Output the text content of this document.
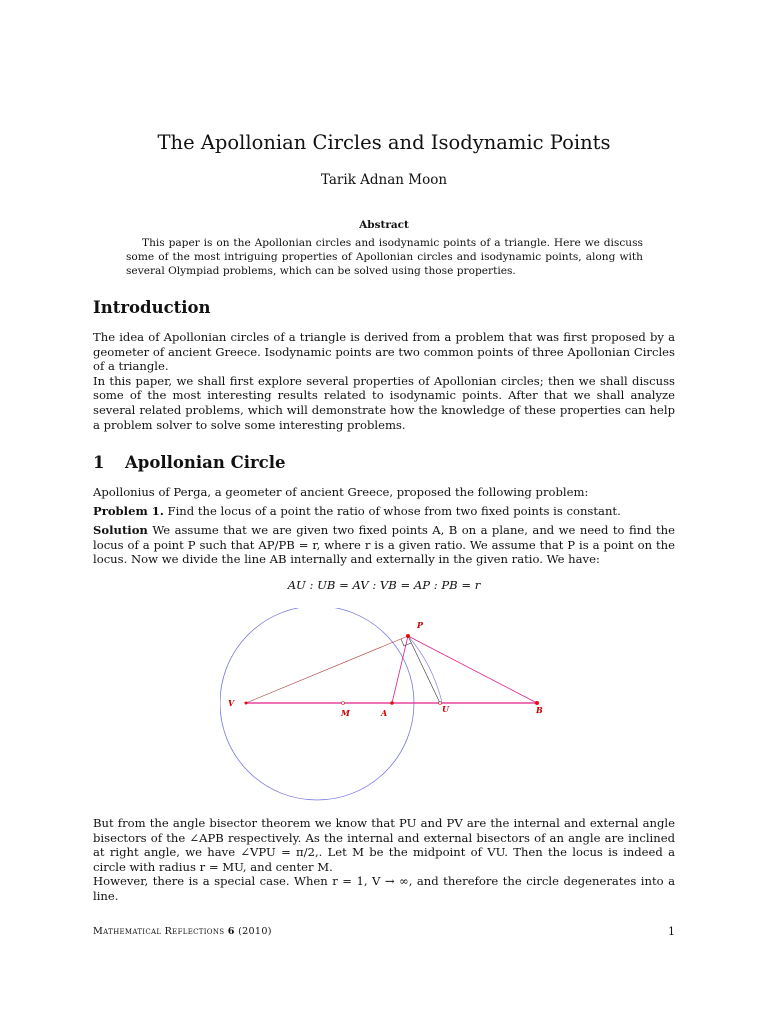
The Apollonian Circles and Isodynamic Points
Tarik Adnan Moon
Abstract
This paper is on the Apollonian circles and isodynamic points of a triangle. Here we discuss some of the most intriguing properties of Apollonian circles and isodynamic points, along with several Olympiad problems, which can be solved using those properties.
Introduction

The idea of Apollonian circles of a triangle is derived from a problem that was first proposed by a geometer of ancient Greece. Isodynamic points are two common points of three Apollonian Circles of a triangle.

In this paper, we shall first explore several properties of Apollonian circles; then we shall discuss some of the most interesting results related to isodynamic points. After that we shall analyze several related problems, which will demonstrate how the knowledge of these properties can help a problem solver to solve some interesting problems.

1 Apollonian Circle
Apollonius of Perga, a geometer of ancient Greece, proposed the following problem:
Problem 1. Find the locus of a point the ratio of whose from two fixed points is constant.
Solution We assume that we are given two fixed points A, B on a plane, and we need to find the locus of a point P such that AP/PB = r, where r is a given ratio. We assume that P is a point on the locus. Now we divide the line AB internally and externally in the given ratio. We have:
AU : UB = AV : VB = AP : PB = r
P
V
M	A	U	B

But from the angle bisector theorem we know that PU and PV are the internal and external angle bisectors of the ∠APB respectively. As the internal and external bisectors of an angle are inclined at right angle, we have ∠VPU = π/2,. Let M be the midpoint of VU. Then the locus is indeed a circle with radius r = MU, and center M.

However, there is a special case. When r = 1, V → ∞, and therefore the circle degenerates into a line.

Mathematical Reflections 6 (2010)	1
